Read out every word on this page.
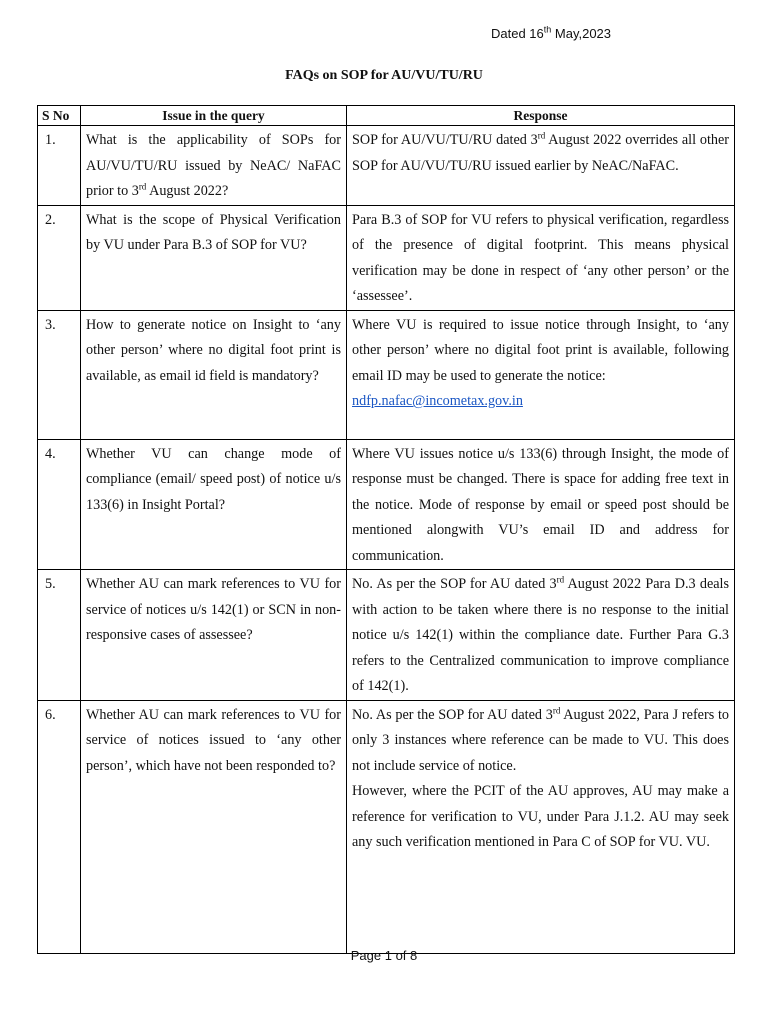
Dated 16th May,2023
FAQs on SOP for AU/VU/TU/RU
S No	Issue in the query	Response
1.	What is the applicability of SOPs for AU/VU/TU/RU issued by NeAC/ NaFAC prior to 3rd August 2022?	SOP for AU/VU/TU/RU dated 3rd August 2022 overrides all other SOP for AU/VU/TU/RU issued earlier by NeAC/NaFAC.
2.	What is the scope of Physical Verification by VU under Para B.3 of SOP for VU?	Para B.3 of SOP for VU refers to physical verification, regardless of the presence of digital footprint. This means physical verification may be done in respect of ‘any other person’ or the ‘assessee’.
3.	How to generate notice on Insight to ‘any other person’ where no digital foot print is available, as email id field is mandatory?	Where VU is required to issue notice through Insight, to ‘any other person’ where no digital foot print is available, following email ID may be used to generate the notice:
ndfp.nafac@incometax.gov.in
4.	Whether VU can change mode of compliance (email/ speed post) of notice u/s 133(6) in Insight Portal?	Where VU issues notice u/s 133(6) through Insight, the mode of response must be changed. There is space for adding free text in the notice. Mode of response by email or speed post should be mentioned alongwith VU’s email ID and address for communication.
5.	Whether AU can mark references to VU for service of notices u/s 142(1) or SCN in non-responsive cases of assessee?	No. As per the SOP for AU dated 3rd August 2022 Para D.3 deals with action to be taken where there is no response to the initial notice u/s 142(1) within the compliance date. Further Para G.3 refers to the Centralized communication to improve compliance of 142(1).
6.	Whether AU can mark references to VU for service of notices issued to ‘any other person’, which have not been responded to?	No. As per the SOP for AU dated 3rd August 2022, Para J refers to only 3 instances where reference can be made to VU. This does not include service of notice.
However, where the PCIT of the AU approves, AU may make a reference for verification to VU, under Para J.1.2. AU may seek any such verification mentioned in Para C of SOP for VU. VU.
Page 1 of 8
